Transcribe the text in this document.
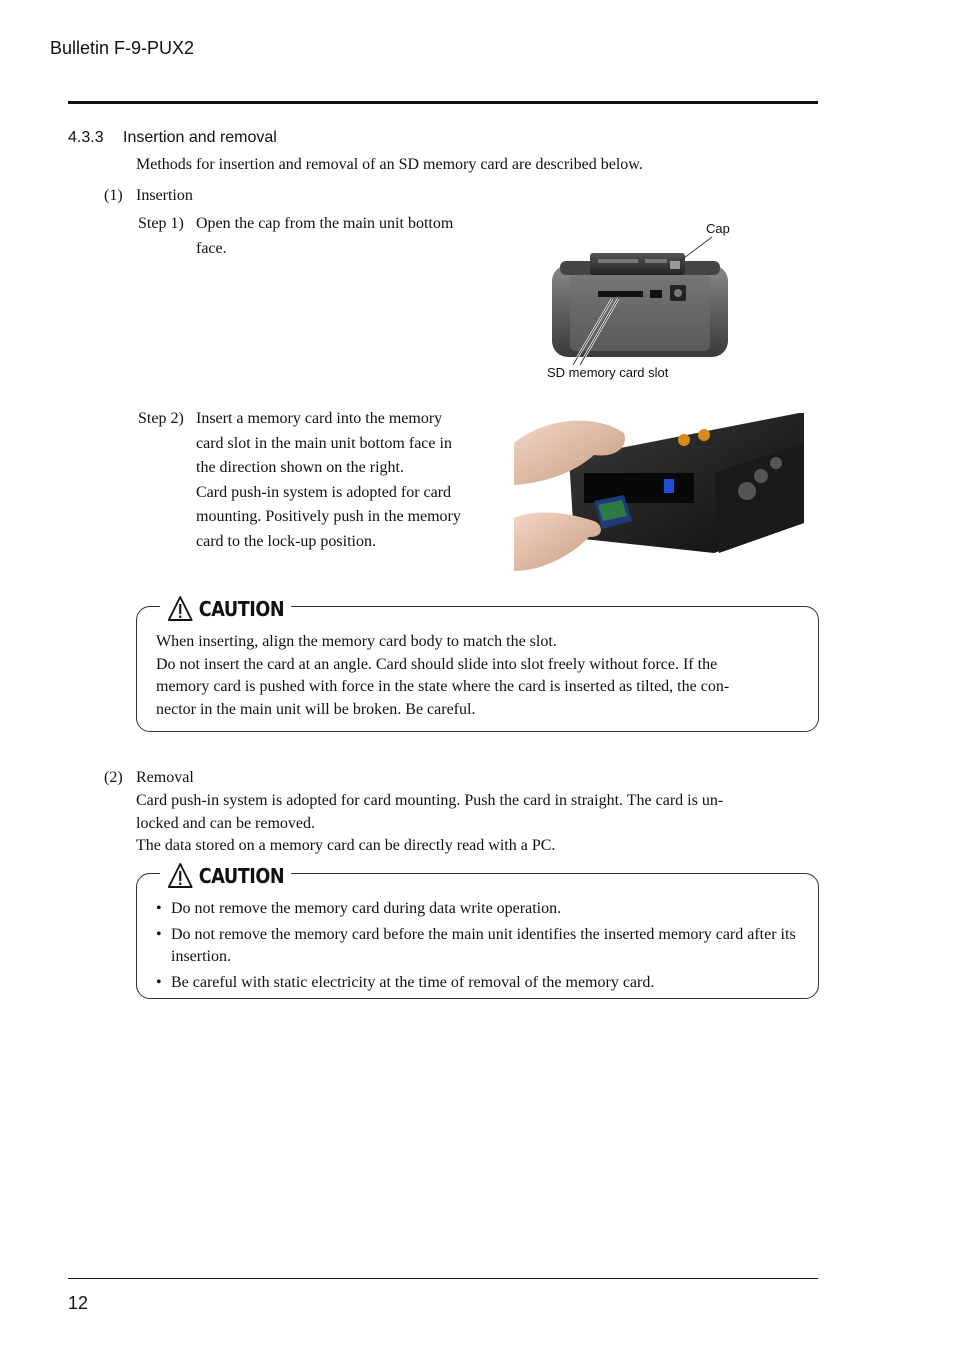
Bulletin F-9-PUX2
4.3.3 Insertion and removal
Methods for insertion and removal of an SD memory card are described below.
(1) Insertion
Step 1) Open the cap from the main unit bottom
face.
Cap
SD memory card slot
Step 2) Insert a memory card into the memory
card slot in the main unit bottom face in
the direction shown on the right.
Card push-in system is adopted for card
mounting. Positively push in the memory
card to the lock-up position.
CAUTION
When inserting, align the memory card body to match the slot.
Do not insert the card at an angle. Card should slide into slot freely without force. If the
memory card is pushed with force in the state where the card is inserted as tilted, the con-
nector in the main unit will be broken. Be careful.
(2) Removal
Card push-in system is adopted for card mounting. Push the card in straight. The card is un-
locked and can be removed.
The data stored on a memory card can be directly read with a PC.
CAUTION
• Do not remove the memory card during data write operation.
• Do not remove the memory card before the main unit identifies the inserted memory card after its insertion.
• Be careful with static electricity at the time of removal of the memory card.
12
